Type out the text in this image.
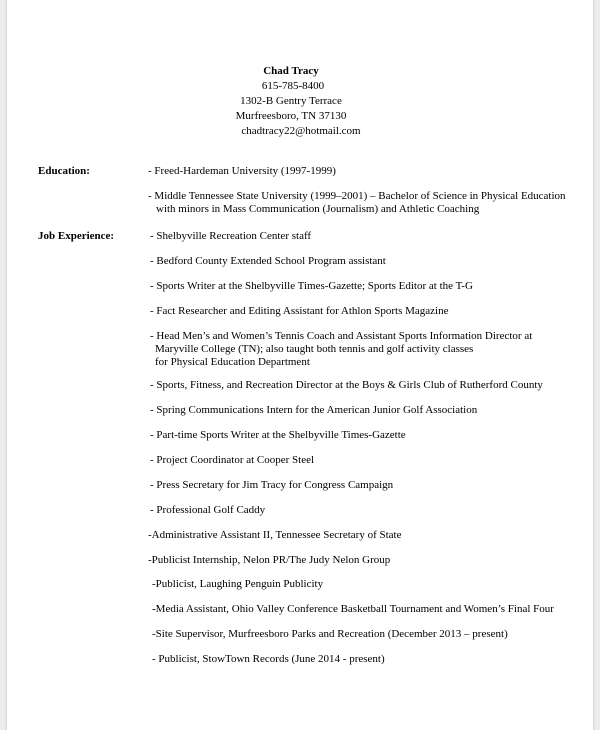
Chad Tracy
615-785-8400
1302-B Gentry Terrace
Murfreesboro, TN 37130
chadtracy22@hotmail.com
Education:
Job Experience:
- Freed-Hardeman University (1997-1999)
- Middle Tennessee State University (1999–2001) – Bachelor of Science in Physical Education
with minors in Mass Communication (Journalism) and Athletic Coaching
- Shelbyville Recreation Center staff
- Bedford County Extended School Program assistant
- Sports Writer at the Shelbyville Times-Gazette; Sports Editor at the T-G
- Fact Researcher and Editing Assistant for Athlon Sports Magazine
- Head Men’s and Women’s Tennis Coach and Assistant Sports Information Director at
Maryville College (TN); also taught both tennis and golf activity classes
for Physical Education Department
- Sports, Fitness, and Recreation Director at the Boys & Girls Club of Rutherford County
- Spring Communications Intern for the American Junior Golf Association
- Part-time Sports Writer at the Shelbyville Times-Gazette
- Project Coordinator at Cooper Steel
- Press Secretary for Jim Tracy for Congress Campaign
- Professional Golf Caddy
-Administrative Assistant II, Tennessee Secretary of State
-Publicist Internship, Nelon PR/The Judy Nelon Group
-Publicist, Laughing Penguin Publicity
-Media Assistant, Ohio Valley Conference Basketball Tournament and Women’s Final Four
-Site Supervisor, Murfreesboro Parks and Recreation (December 2013 – present)
- Publicist, StowTown Records (June 2014 - present)
